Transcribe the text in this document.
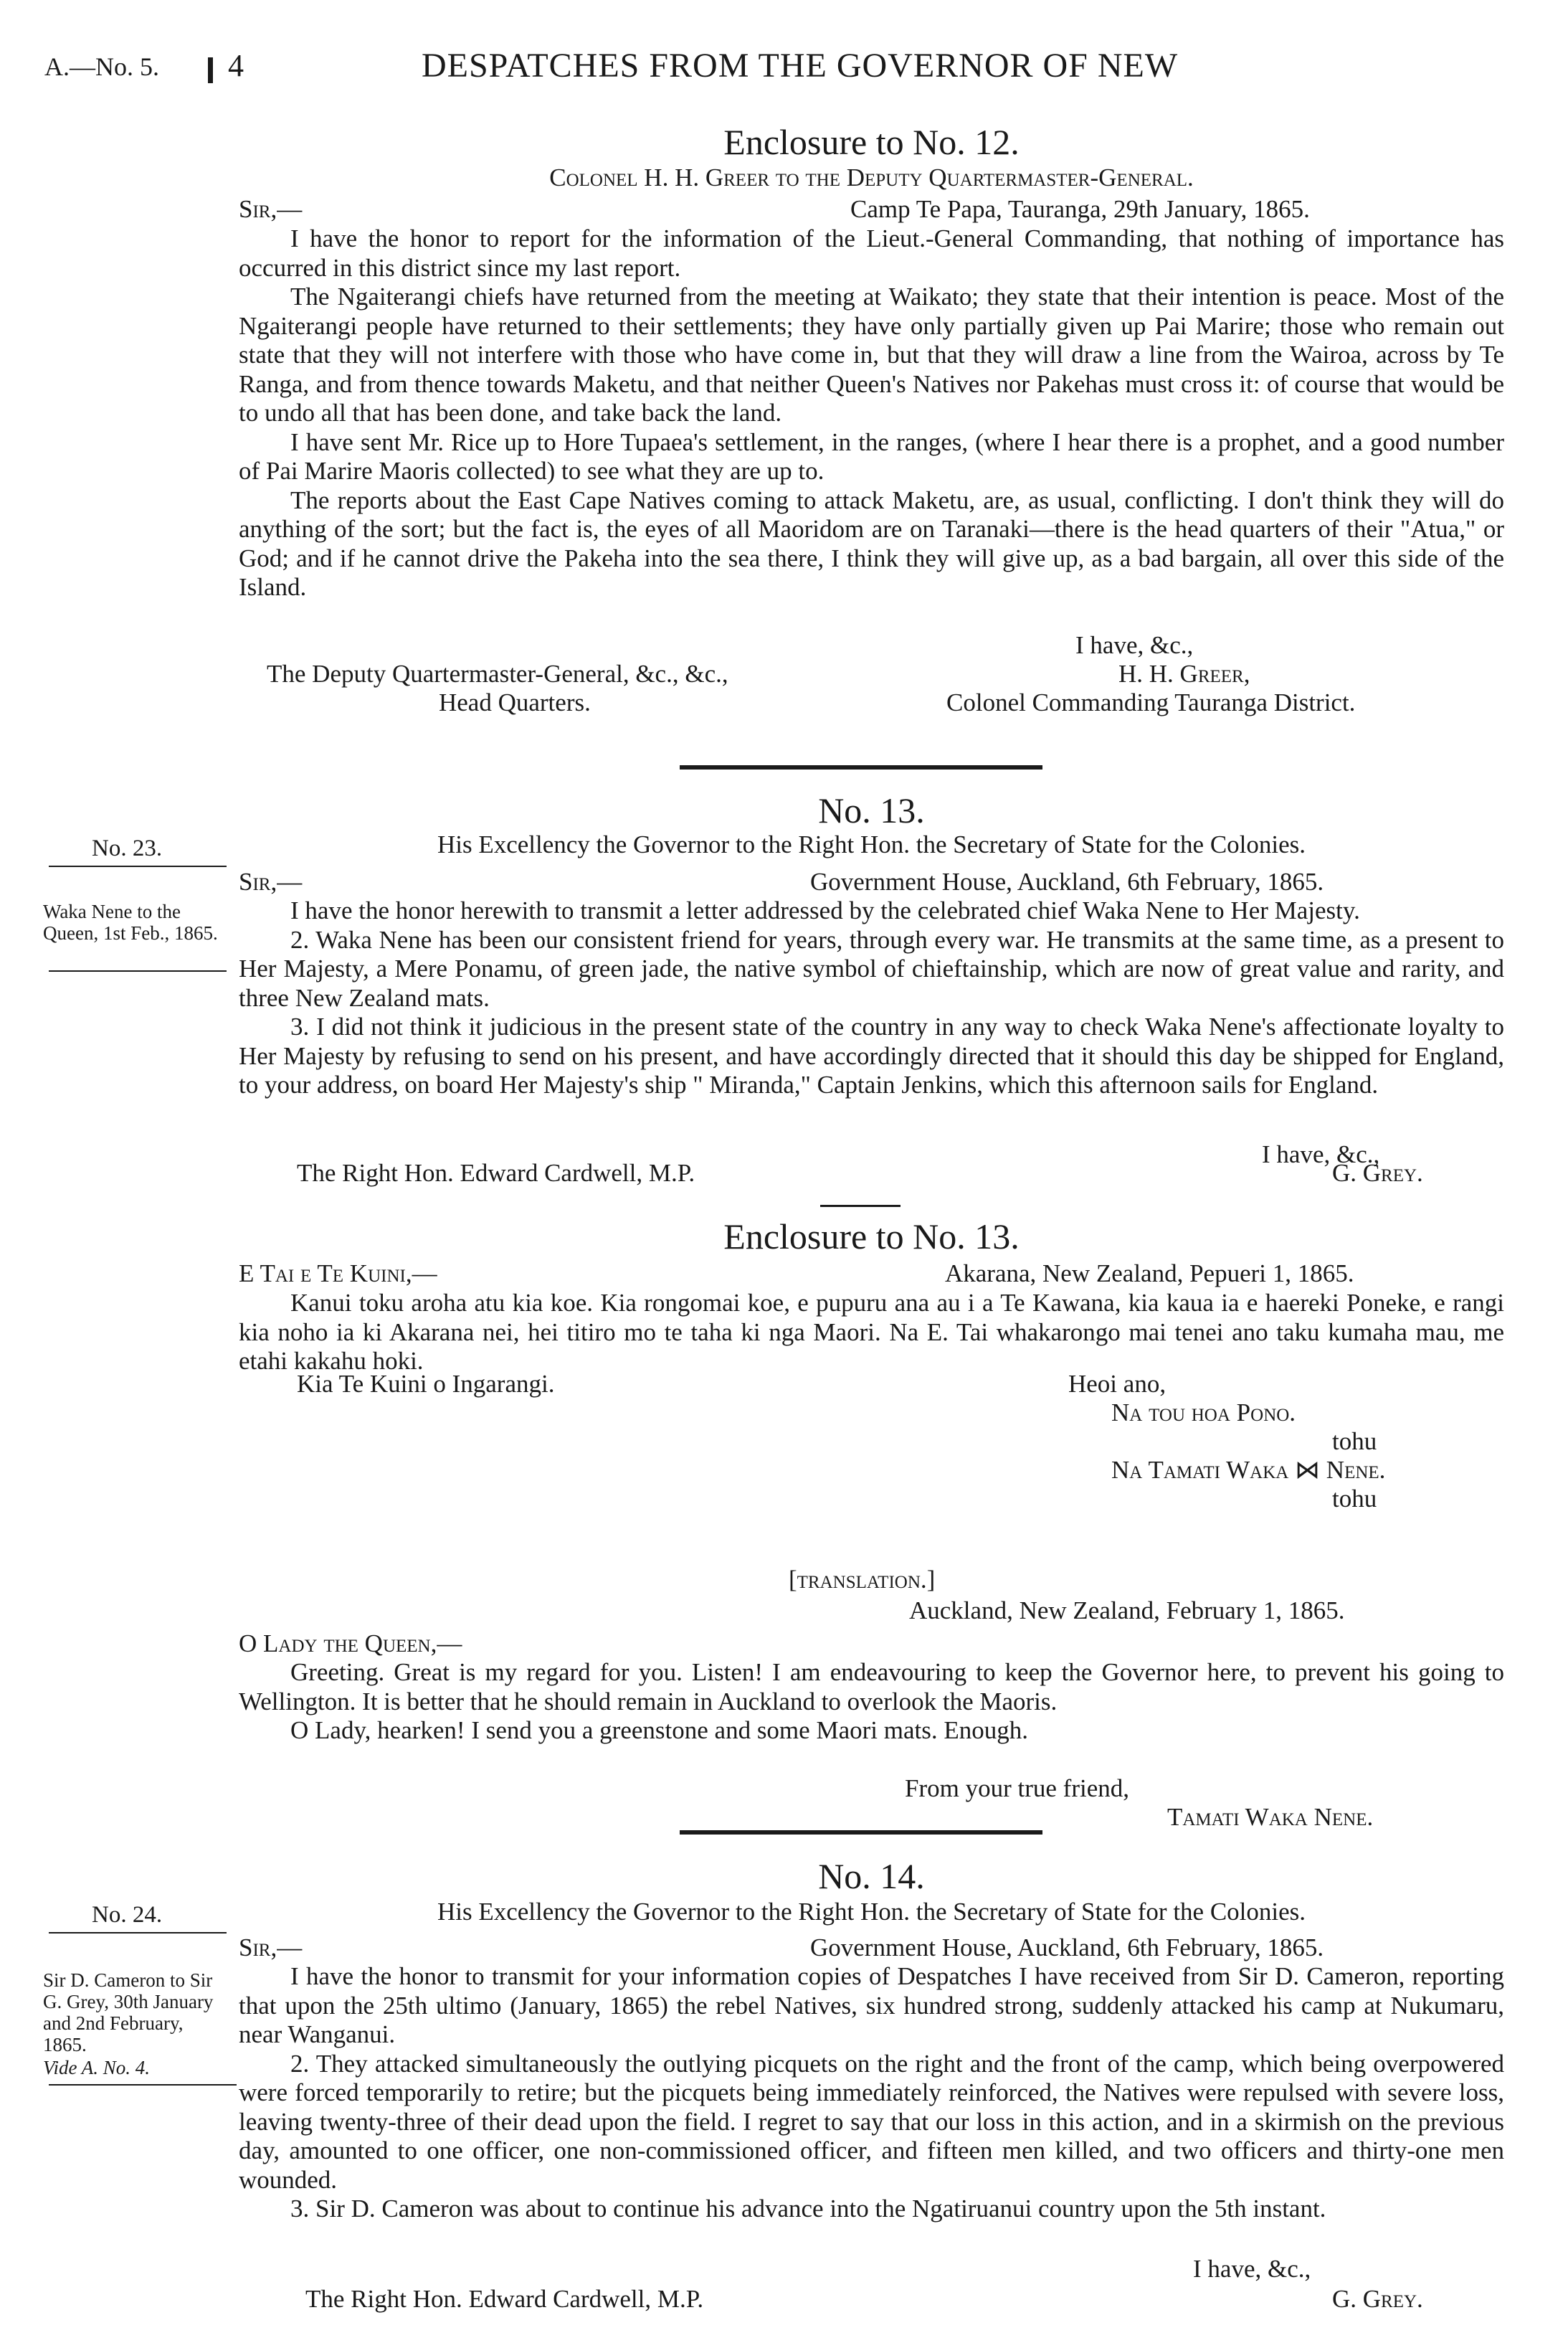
A.—No. 5. 4	DESPATCHES FROM THE GOVERNOR OF NEW
Enclosure to No. 12.
Colonel H. H. Greer to the Deputy Quartermaster-General.
Sir,—	Camp Te Papa, Tauranga, 29th January, 1865.

I have the honor to report for the information of the Lieut.-General Commanding, that nothing of importance has occurred in this district since my last report.

The Ngaiterangi chiefs have returned from the meeting at Waikato; they state that their intention is peace. Most of the Ngaiterangi people have returned to their settlements; they have only partially given up Pai Marire; those who remain out state that they will not interfere with those who have come in, but that they will draw a line from the Wairoa, across by Te Ranga, and from thence towards Maketu, and that neither Queen's Natives nor Pakehas must cross it: of course that would be to undo all that has been done, and take back the land.

I have sent Mr. Rice up to Hore Tupaea's settlement, in the ranges, (where I hear there is a prophet, and a good number of Pai Marire Maoris collected) to see what they are up to.

The reports about the East Cape Natives coming to attack Maketu, are, as usual, conflicting. I don't think they will do anything of the sort; but the fact is, the eyes of all Maoridom are on Taranaki—there is the head quarters of their "Atua," or God; and if he cannot drive the Pakeha into the sea there, I think they will give up, as a bad bargain, all over this side of the Island.

I have, &c.,
The Deputy Quartermaster-General, &c., &c.,	H. H. Greer,
Head Quarters.	Colonel Commanding Tauranga District.
No. 13.
No. 23.
Waka Nene to the Queen, 1st Feb., 1865.
His Excellency the Governor to the Right Hon. the Secretary of State for the Colonies.
Sir,—	Government House, Auckland, 6th February, 1865.

I have the honor herewith to transmit a letter addressed by the celebrated chief Waka Nene to Her Majesty.

2. Waka Nene has been our consistent friend for years, through every war. He transmits at the same time, as a present to Her Majesty, a Mere Ponamu, of green jade, the native symbol of chieftainship, which are now of great value and rarity, and three New Zealand mats.

3. I did not think it judicious in the present state of the country in any way to check Waka Nene's affectionate loyalty to Her Majesty by refusing to send on his present, and have accordingly directed that it should this day be shipped for England, to your address, on board Her Majesty's ship " Miranda," Captain Jenkins, which this afternoon sails for England.

I have, &c.,
The Right Hon. Edward Cardwell, M.P.	G. Grey.
Enclosure to No. 13.
E Tai e Te Kuini,—	Akarana, New Zealand, Pepueri 1, 1865.

Kanui toku aroha atu kia koe. Kia rongomai koe, e pupuru ana au i a Te Kawana, kia kaua ia e haereki Poneke, e rangi kia noho ia ki Akarana nei, hei titiro mo te taha ki nga Maori. Na E. Tai whakarongo mai tenei ano taku kumaha mau, me etahi kakahu hoki.

Kia Te Kuini o Ingarangi.	Heoi ano,
Na tou hoa Pono.
tohu
Na Tamati Waka ⋈ Nene.
tohu
[translation.]
Auckland, New Zealand, February 1, 1865.
O Lady the Queen,—

Greeting. Great is my regard for you. Listen! I am endeavouring to keep the Governor here, to prevent his going to Wellington. It is better that he should remain in Auckland to overlook the Maoris.

O Lady, hearken! I send you a greenstone and some Maori mats. Enough.

From your true friend,
Tamati Waka Nene.
No. 14.
No. 24.
Sir D. Cameron to Sir G. Grey, 30th January and 2nd February, 1865.
Vide A. No. 4.
His Excellency the Governor to the Right Hon. the Secretary of State for the Colonies.
Sir,—	Government House, Auckland, 6th February, 1865.

I have the honor to transmit for your information copies of Despatches I have received from Sir D. Cameron, reporting that upon the 25th ultimo (January, 1865) the rebel Natives, six hundred strong, suddenly attacked his camp at Nukumaru, near Wanganui.

2. They attacked simultaneously the outlying picquets on the right and the front of the camp, which being overpowered were forced temporarily to retire; but the picquets being immediately reinforced, the Natives were repulsed with severe loss, leaving twenty-three of their dead upon the field. I regret to say that our loss in this action, and in a skirmish on the previous day, amounted to one officer, one non-commissioned officer, and fifteen men killed, and two officers and thirty-one men wounded.

3. Sir D. Cameron was about to continue his advance into the Ngatiruanui country upon the 5th instant.

I have, &c.,
The Right Hon. Edward Cardwell, M.P.	G. Grey.
